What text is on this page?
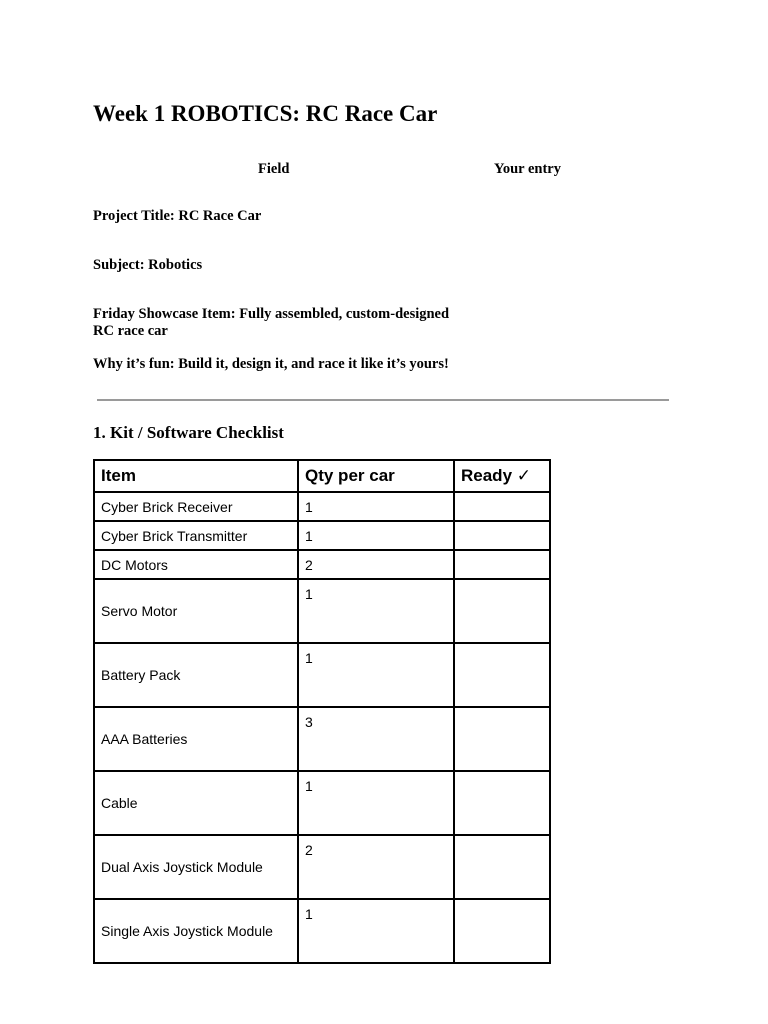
Week 1 ROBOTICS: RC Race Car
Field	Your entry
Project Title: RC Race Car
Subject: Robotics
Friday Showcase Item: Fully assembled, custom-designed RC race car
Why it’s fun: Build it, design it, and race it like it’s yours!
1. Kit / Software Checklist
Item	Qty per car	Ready ✓
Cyber Brick Receiver	1	
Cyber Brick Transmitter	1	
DC Motors	2	
Servo Motor	1	
Battery Pack	1	
AAA Batteries	3	
Cable	1	
Dual Axis Joystick Module	2	
Single Axis Joystick Module	1	
